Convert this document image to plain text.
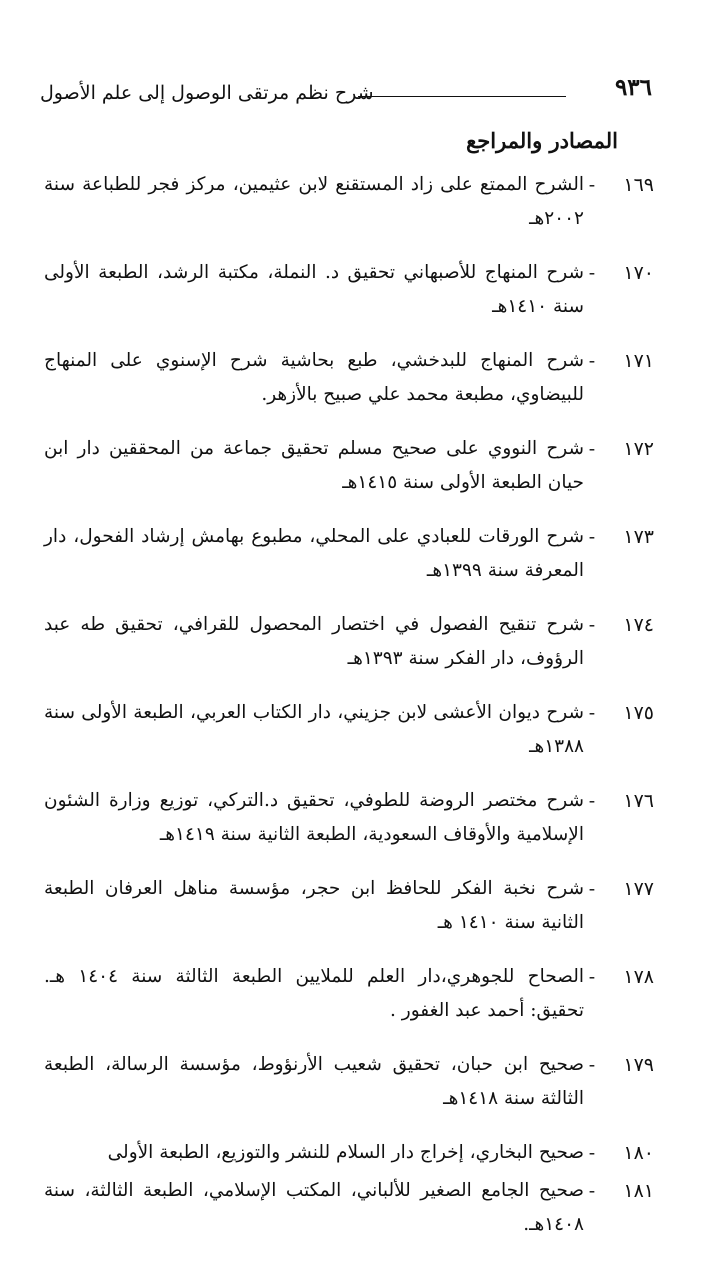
٩٣٦
شرح نظم مرتقى الوصول إلى علم الأصول
المصادر والمراجع
١٦٩
-
الشرح الممتع على زاد المستقنع لابن عثيمين، مركز فجر للطباعة سنة ٢٠٠٢هـ
١٧٠
-
شرح المنهاج للأصبهاني تحقيق د. النملة، مكتبة الرشد، الطبعة الأولى سنة ١٤١٠هـ
١٧١
-
شرح المنهاج للبدخشي، طبع بحاشية شرح الإسنوي على المنهاج للبيضاوي، مطبعة محمد علي صبيح بالأزهر.
١٧٢
-
شرح النووي على صحيح مسلم تحقيق جماعة من المحققين دار ابن حيان الطبعة الأولى سنة ١٤١٥هـ
١٧٣
-
شرح الورقات للعبادي على المحلي، مطبوع بهامش إرشاد الفحول، دار المعرفة سنة ١٣٩٩هـ
١٧٤
-
شرح تنقيح الفصول في اختصار المحصول للقرافي، تحقيق طه عبد الرؤوف، دار الفكر سنة ١٣٩٣هـ
١٧٥
-
شرح ديوان الأعشى لابن جزيني، دار الكتاب العربي، الطبعة الأولى سنة ١٣٨٨هـ
١٧٦
-
شرح مختصر الروضة للطوفي، تحقيق د.التركي، توزيع وزارة الشئون الإسلامية والأوقاف السعودية، الطبعة الثانية سنة ١٤١٩هـ
١٧٧
-
شرح نخبة الفكر للحافظ ابن حجر، مؤسسة مناهل العرفان الطبعة الثانية سنة ١٤١٠ هـ
١٧٨
-
الصحاح للجوهري،دار العلم للملايين الطبعة الثالثة سنة ١٤٠٤ هـ. تحقيق: أحمد عبد الغفور .
١٧٩
-
صحيح ابن حبان، تحقيق شعيب الأرنؤوط، مؤسسة الرسالة، الطبعة الثالثة سنة ١٤١٨هـ
١٨٠
-
صحيح البخاري، إخراج دار السلام للنشر والتوزيع، الطبعة الأولى
١٨١
-
صحيح الجامع الصغير للألباني، المكتب الإسلامي، الطبعة الثالثة، سنة ١٤٠٨هـ.
